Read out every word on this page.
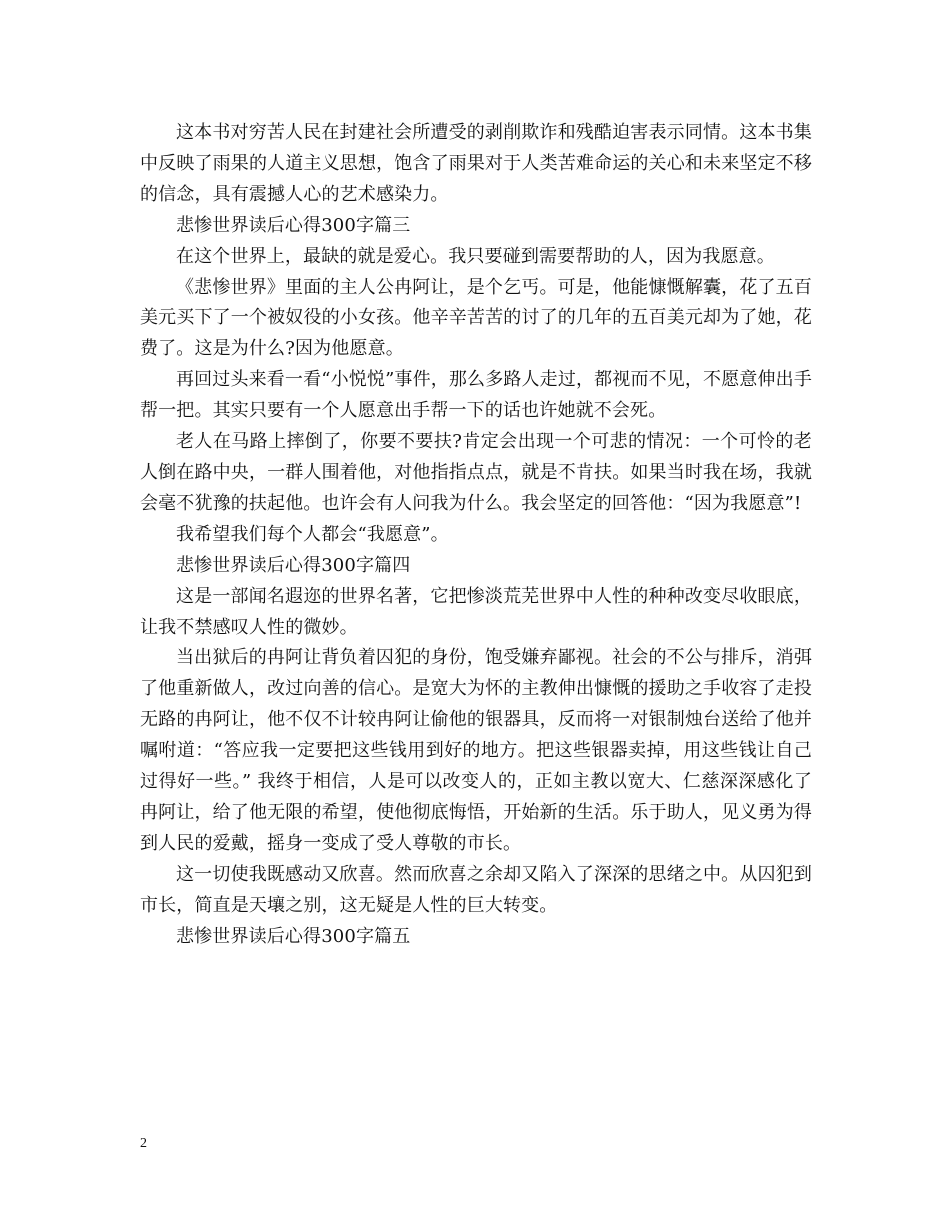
这本书对穷苦人民在封建社会所遭受的剥削欺诈和残酷迫害表示同情。这本书集中反映了雨果的人道主义思想，饱含了雨果对于人类苦难命运的关心和未来坚定不移的信念，具有震撼人心的艺术感染力。

悲惨世界读后心得300字篇三

在这个世界上，最缺的就是爱心。我只要碰到需要帮助的人，因为我愿意。

《悲惨世界》里面的主人公冉阿让，是个乞丐。可是，他能慷慨解囊，花了五百美元买下了一个被奴役的小女孩。他辛辛苦苦的讨了的几年的五百美元却为了她，花费了。这是为什么?因为他愿意。

再回过头来看一看“小悦悦”事件，那么多路人走过，都视而不见，不愿意伸出手帮一把。其实只要有一个人愿意出手帮一下的话也许她就不会死。

老人在马路上摔倒了，你要不要扶?肯定会出现一个可悲的情况：一个可怜的老人倒在路中央，一群人围着他，对他指指点点，就是不肯扶。如果当时我在场，我就会毫不犹豫的扶起他。也许会有人问我为什么。我会坚定的回答他：“因为我愿意”!

我希望我们每个人都会“我愿意”。

悲惨世界读后心得300字篇四

这是一部闻名遐迩的世界名著，它把惨淡荒芜世界中人性的种种改变尽收眼底，让我不禁感叹人性的微妙。

当出狱后的冉阿让背负着囚犯的身份，饱受嫌弃鄙视。社会的不公与排斥，消弭了他重新做人，改过向善的信心。是宽大为怀的主教伸出慷慨的援助之手收容了走投无路的冉阿让，他不仅不计较冉阿让偷他的银器具，反而将一对银制烛台送给了他并嘱咐道：“答应我一定要把这些钱用到好的地方。把这些银器卖掉，用这些钱让自己过得好一些。” 我终于相信，人是可以改变人的，正如主教以宽大、仁慈深深感化了冉阿让，给了他无限的希望，使他彻底悔悟，开始新的生活。乐于助人，见义勇为得到人民的爱戴，摇身一变成了受人尊敬的市长。

这一切使我既感动又欣喜。然而欣喜之余却又陷入了深深的思绪之中。从囚犯到市长，简直是天壤之别，这无疑是人性的巨大转变。

悲惨世界读后心得300字篇五

2
